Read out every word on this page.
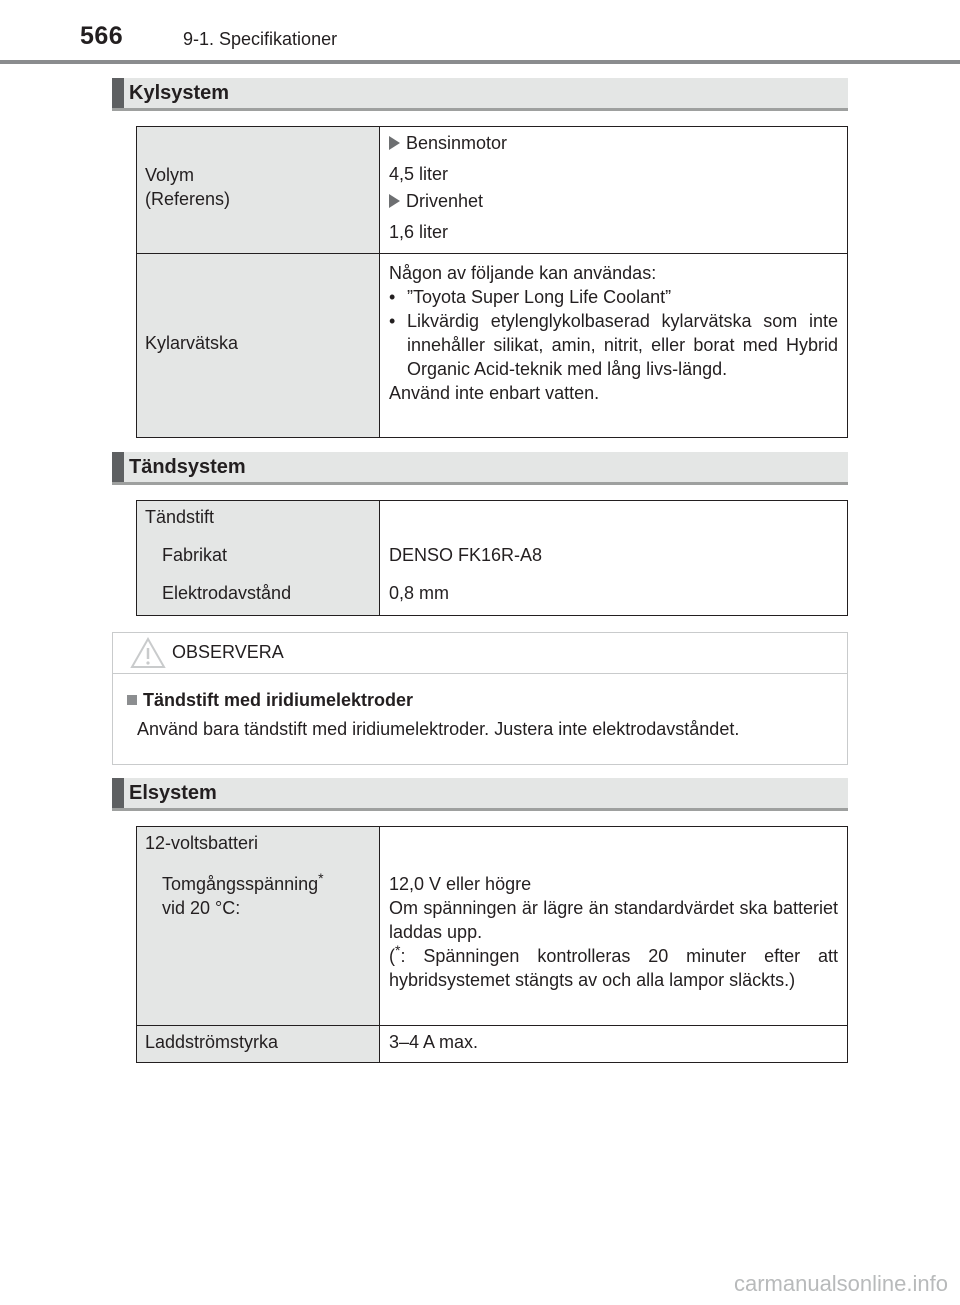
566	9-1. Specifikationer
Kylsystem
Volym
(Referens)
Bensinmotor
4,5 liter
Drivenhet
1,6 liter
Kylarvätska
Någon av följande kan användas:
• ”Toyota Super Long Life Coolant”
• Likvärdig etylenglykolbaserad kylarvätska som inte innehåller silikat, amin, nitrit, eller borat med Hybrid Organic Acid-teknik med lång livs-längd.
Använd inte enbart vatten.
Tändsystem
Tändstift
Fabrikat
Elektrodavstånd
DENSO FK16R-A8
0,8 mm
OBSERVERA
Tändstift med iridiumelektroder
Använd bara tändstift med iridiumelektroder. Justera inte elektrodavståndet.
Elsystem
12-voltsbatteri
Tomgångsspänning*
vid 20 °C:
12,0 V eller högre
Om spänningen är lägre än standardvärdet ska batteriet laddas upp.
(*: Spänningen kontrolleras 20 minuter efter att hybridsystemet stängts av och alla lampor släckts.)
Laddströmstyrka	3–4 A max.
carmanualsonline.info
